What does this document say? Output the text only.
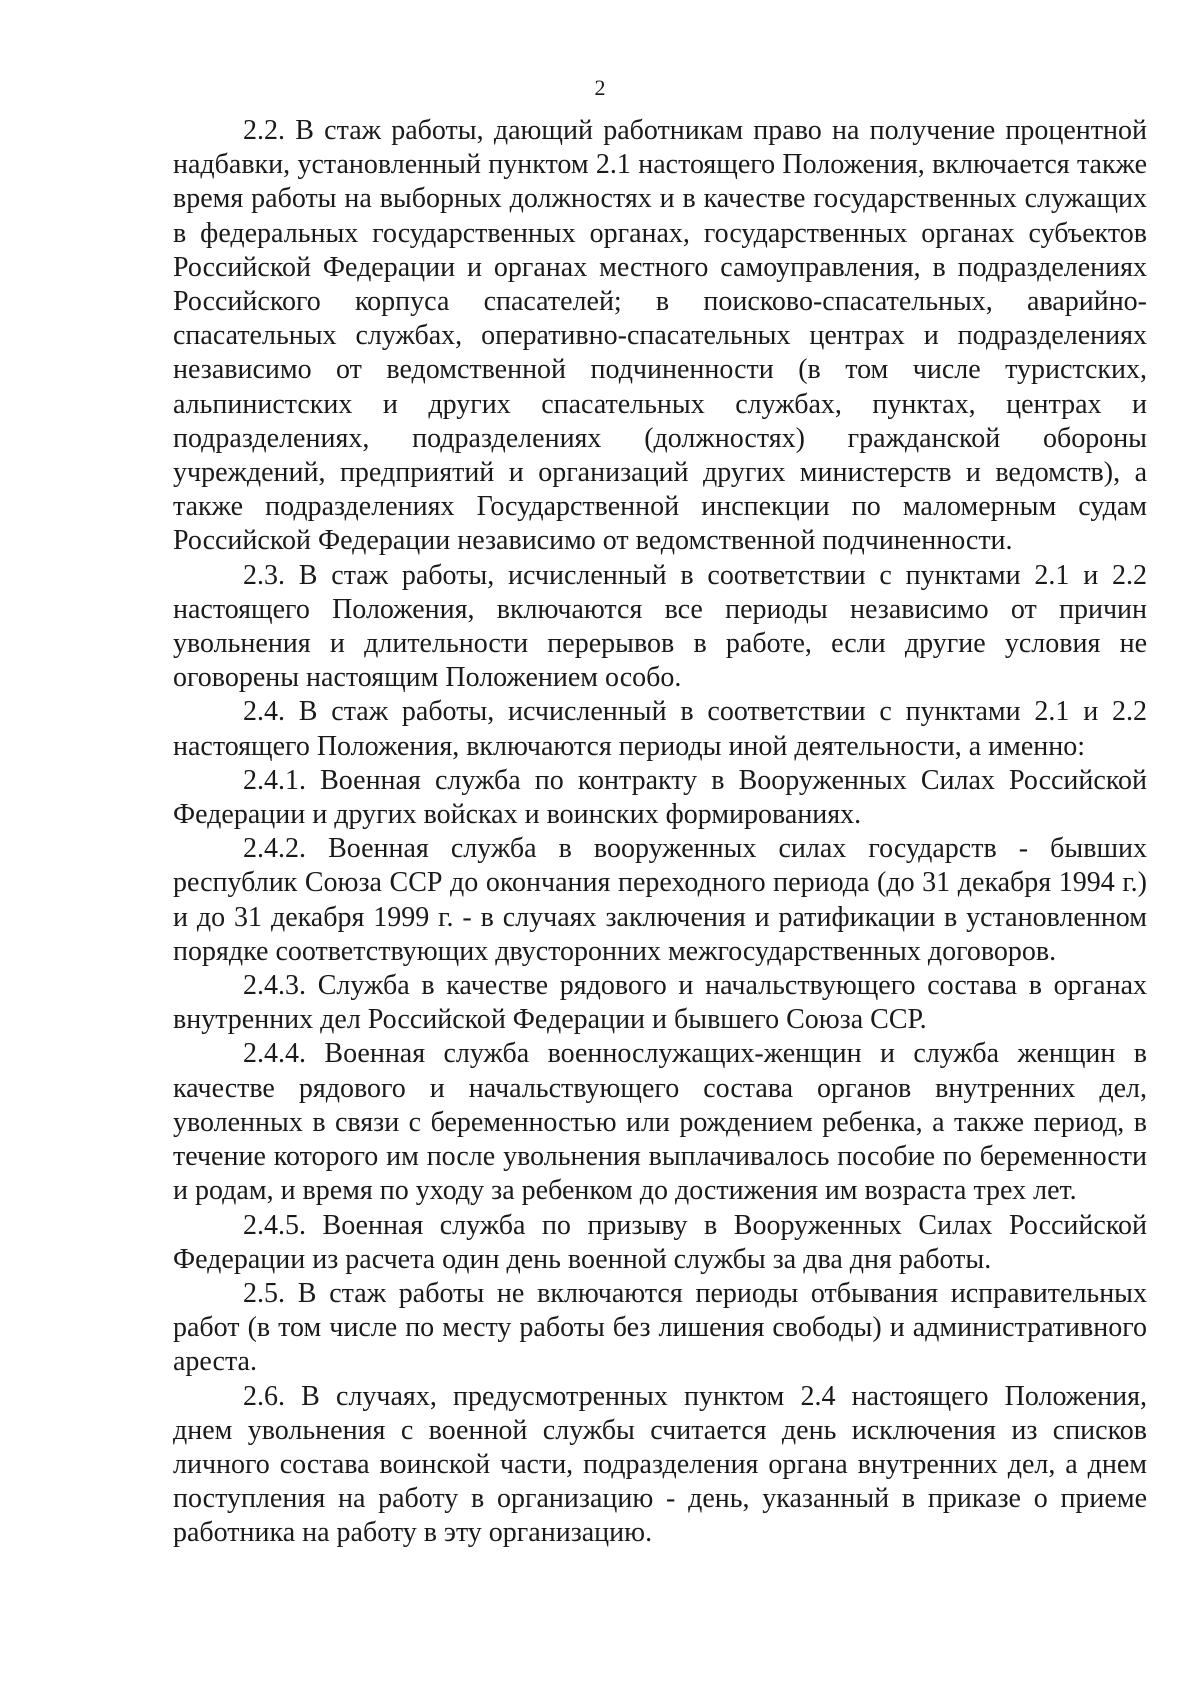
2

2.2. В стаж работы, дающий работникам право на получение процентной надбавки, установленный пунктом 2.1 настоящего Положения, включается также время работы на выборных должностях и в качестве государственных служащих в федеральных государственных органах, государственных органах субъектов Российской Федерации и органах местного самоуправления, в подразделениях Российского корпуса спасателей; в поисково-спасательных, аварийно-спасательных службах, оперативно-спасательных центрах и подразделениях независимо от ведомственной подчиненности (в том числе туристских, альпинистских и других спасательных службах, пунктах, центрах и подразделениях, подразделениях (должностях) гражданской обороны учреждений, предприятий и организаций других министерств и ведомств), а также подразделениях Государственной инспекции по маломерным судам Российской Федерации независимо от ведомственной подчиненности.

2.3. В стаж работы, исчисленный в соответствии с пунктами 2.1 и 2.2 настоящего Положения, включаются все периоды независимо от причин увольнения и длительности перерывов в работе, если другие условия не оговорены настоящим Положением особо.

2.4. В стаж работы, исчисленный в соответствии с пунктами 2.1 и 2.2 настоящего Положения, включаются периоды иной деятельности, а именно:

2.4.1. Военная служба по контракту в Вооруженных Силах Российской Федерации и других войсках и воинских формированиях.

2.4.2. Военная служба в вооруженных силах государств - бывших республик Союза ССР до окончания переходного периода (до 31 декабря 1994 г.) и до 31 декабря 1999 г. - в случаях заключения и ратификации в установленном порядке соответствующих двусторонних межгосударственных договоров.

2.4.3. Служба в качестве рядового и начальствующего состава в органах внутренних дел Российской Федерации и бывшего Союза ССР.

2.4.4. Военная служба военнослужащих-женщин и служба женщин в качестве рядового и начальствующего состава органов внутренних дел, уволенных в связи с беременностью или рождением ребенка, а также период, в течение которого им после увольнения выплачивалось пособие по беременности и родам, и время по уходу за ребенком до достижения им возраста трех лет.

2.4.5. Военная служба по призыву в Вооруженных Силах Российской Федерации из расчета один день военной службы за два дня работы.

2.5. В стаж работы не включаются периоды отбывания исправительных работ (в том числе по месту работы без лишения свободы) и административного ареста.

2.6. В случаях, предусмотренных пунктом 2.4 настоящего Положения, днем увольнения с военной службы считается день исключения из списков личного состава воинской части, подразделения органа внутренних дел, а днем поступления на работу в организацию - день, указанный в приказе о приеме работника на работу в эту организацию.
